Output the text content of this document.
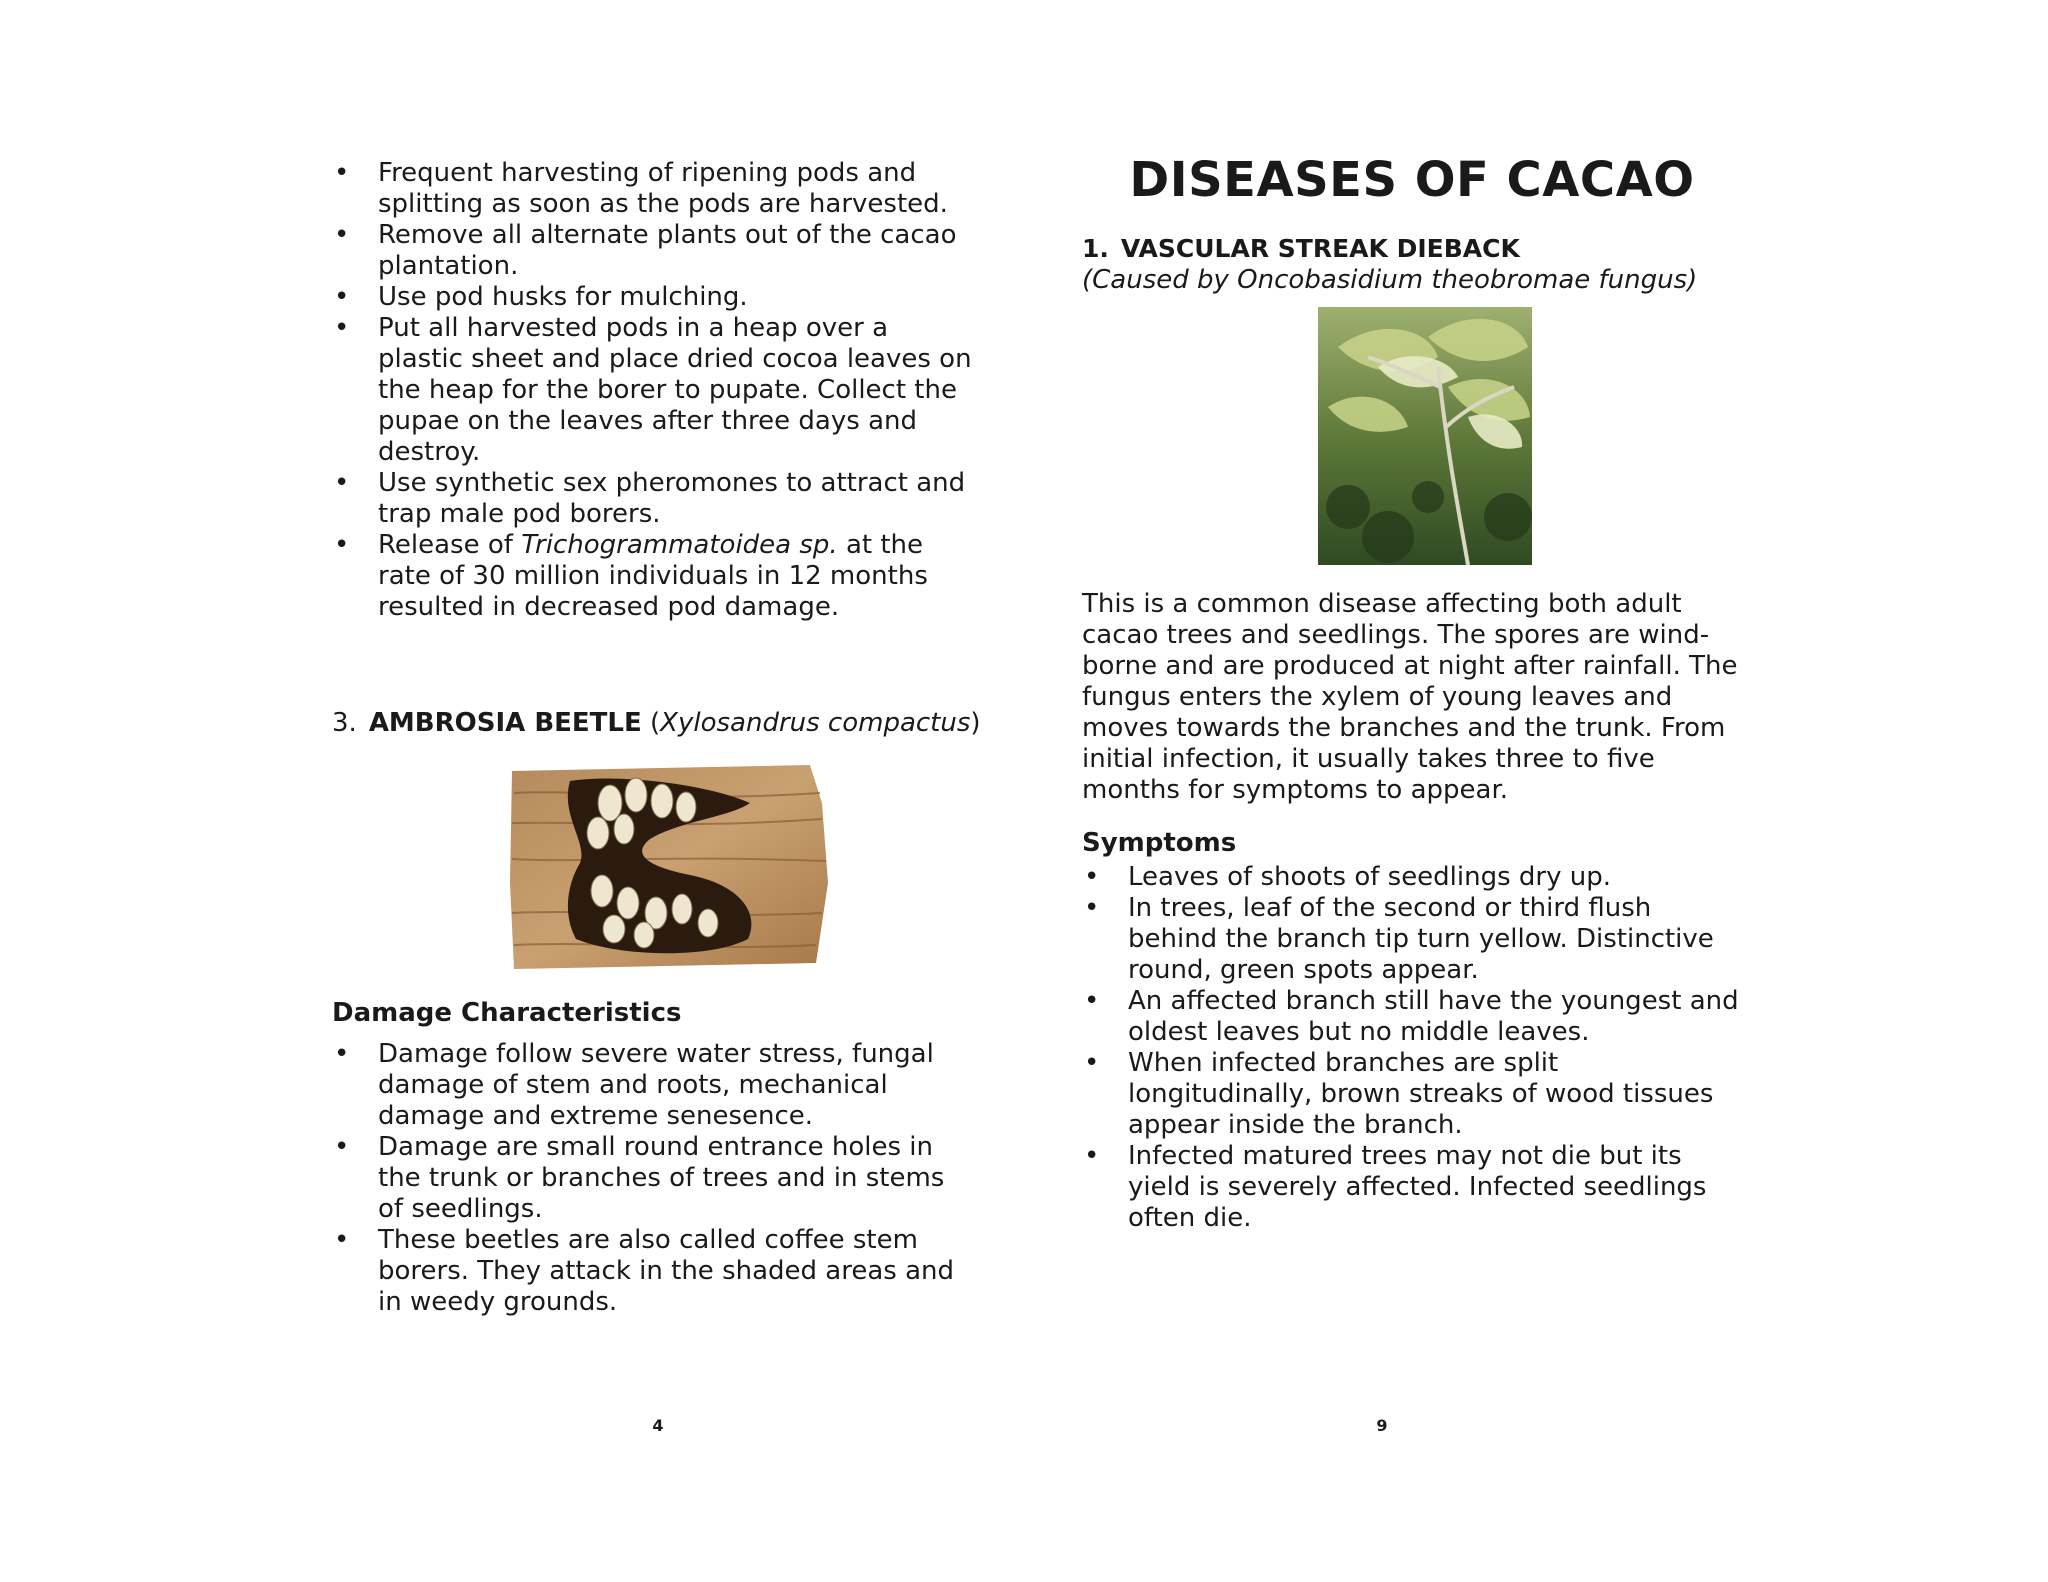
• Frequent harvesting of ripening pods and splitting as soon as the pods are harvested.
• Remove all alternate plants out of the cacao plantation.
• Use pod husks for mulching.
• Put all harvested pods in a heap over a plastic sheet and place dried cocoa leaves on the heap for the borer to pupate. Collect the pupae on the leaves after three days and destroy.
• Use synthetic sex pheromones to attract and trap male pod borers.
• Release of Trichogrammatoidea sp. at the rate of 30 million individuals in 12 months resulted in decreased pod damage.
3. AMBROSIA BEETLE (Xylosandrus compactus)
Damage Characteristics
• Damage follow severe water stress, fungal damage of stem and roots, mechanical damage and extreme senesence.
• Damage are small round entrance holes in the trunk or branches of trees and in stems of seedlings.
• These beetles are also called coffee stem borers. They attack in the shaded areas and in weedy grounds.
4
DISEASES OF CACAO
1. VASCULAR STREAK DIEBACK
(Caused by Oncobasidium theobromae fungus)

This is a common disease affecting both adult cacao trees and seedlings. The spores are wind-borne and are produced at night after rainfall. The fungus enters the xylem of young leaves and moves towards the branches and the trunk. From initial infection, it usually takes three to five months for symptoms to appear.

Symptoms
• Leaves of shoots of seedlings dry up.
• In trees, leaf of the second or third flush behind the branch tip turn yellow. Distinctive round, green spots appear.
• An affected branch still have the youngest and oldest leaves but no middle leaves.
• When infected branches are split longitudinally, brown streaks of wood tissues appear inside the branch.
• Infected matured trees may not die but its yield is severely affected. Infected seedlings often die.
9
